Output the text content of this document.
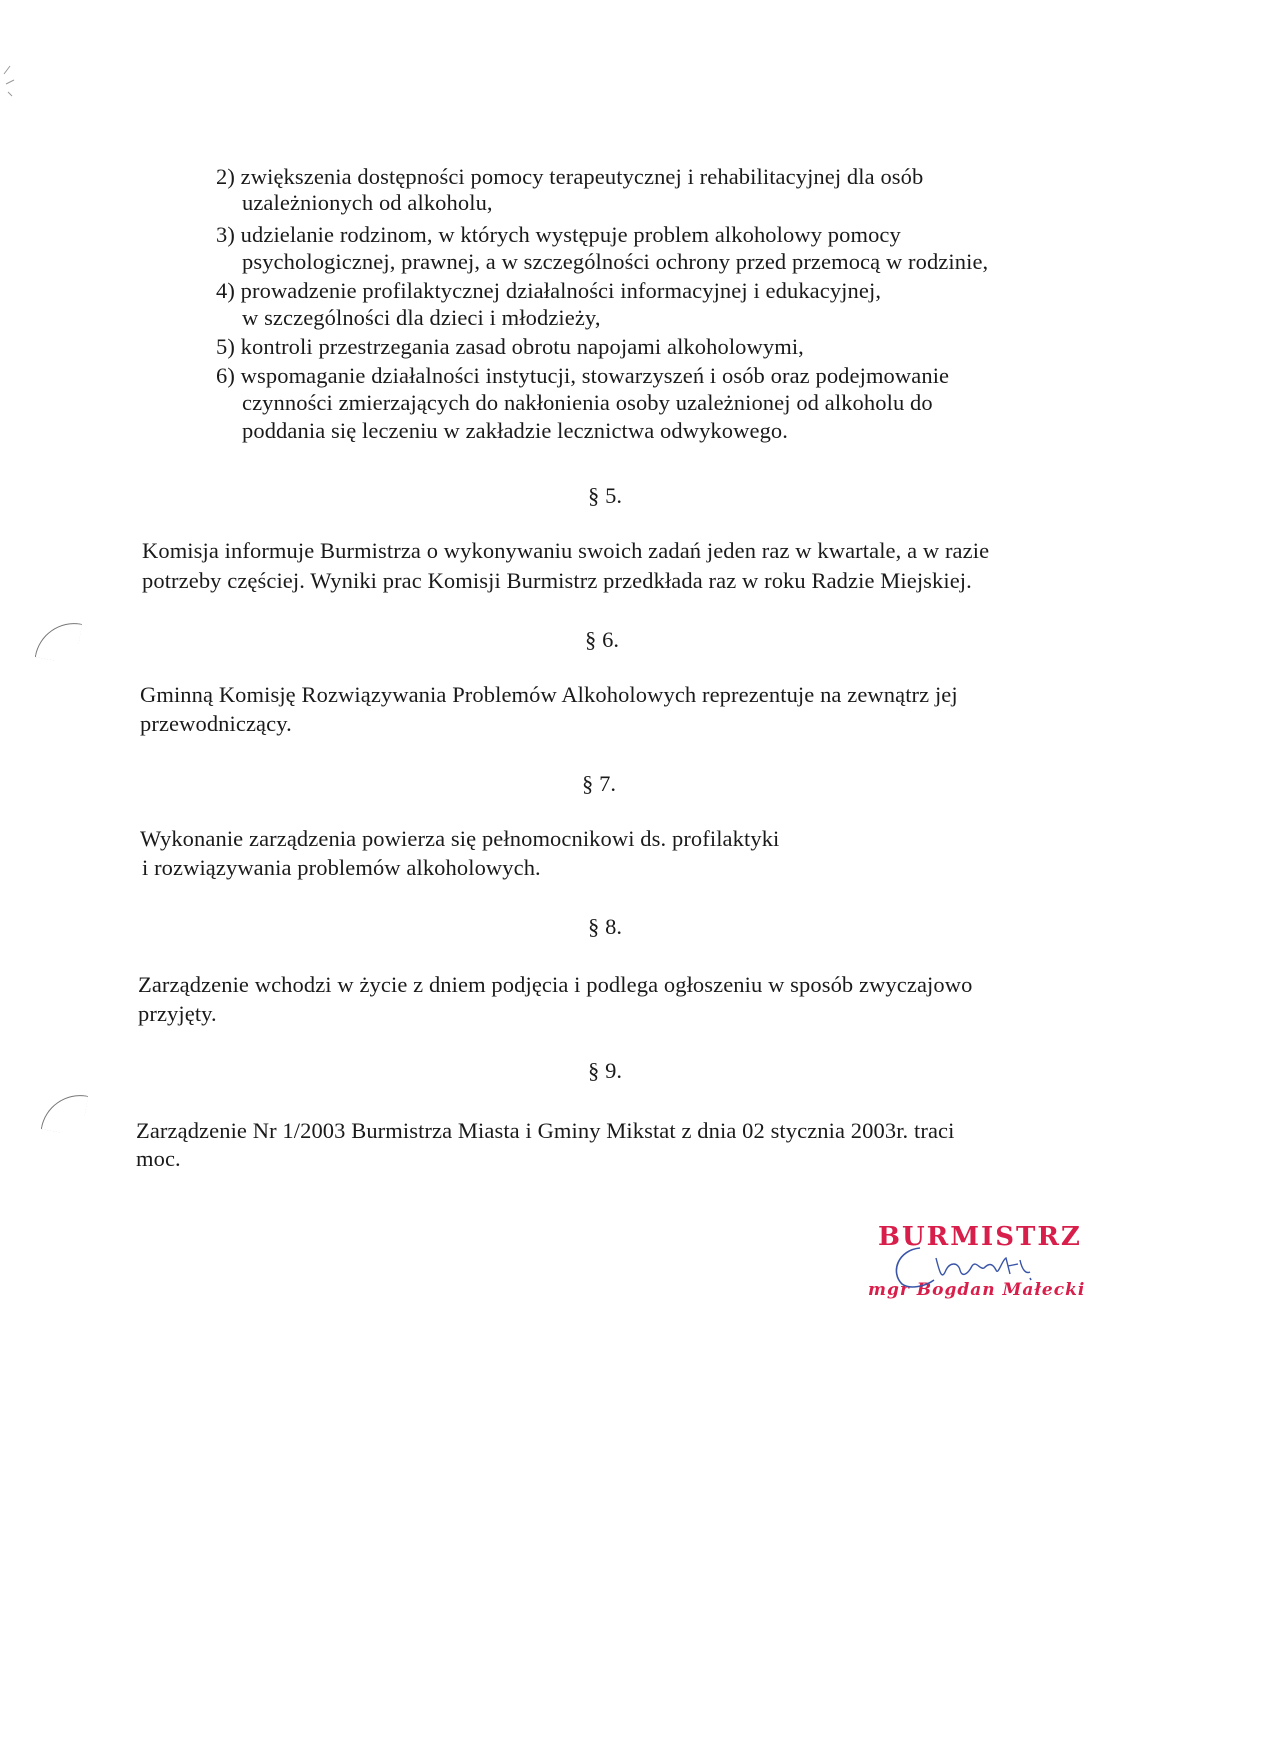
2) zwiększenia dostępności pomocy terapeutycznej i rehabilitacyjnej dla osób
uzależnionych od alkoholu,
3) udzielanie rodzinom, w których występuje problem alkoholowy pomocy
psychologicznej, prawnej, a w szczególności ochrony przed przemocą w rodzinie,
4) prowadzenie profilaktycznej działalności informacyjnej i edukacyjnej,
w szczególności dla dzieci i młodzieży,
5) kontroli przestrzegania zasad obrotu napojami alkoholowymi,
6) wspomaganie działalności instytucji, stowarzyszeń i osób oraz podejmowanie
czynności zmierzających do nakłonienia osoby uzależnionej od alkoholu do
poddania się leczeniu w zakładzie lecznictwa odwykowego.
§ 5.
Komisja informuje Burmistrza o wykonywaniu swoich zadań jeden raz w kwartale, a w razie
potrzeby częściej. Wyniki prac Komisji Burmistrz przedkłada raz w roku Radzie Miejskiej.
§ 6.
Gminną Komisję Rozwiązywania Problemów Alkoholowych reprezentuje na zewnątrz jej
przewodniczący.
§ 7.
Wykonanie zarządzenia powierza się pełnomocnikowi ds. profilaktyki
i rozwiązywania problemów alkoholowych.
§ 8.
Zarządzenie wchodzi w życie z dniem podjęcia i podlega ogłoszeniu w sposób zwyczajowo
przyjęty.
§ 9.
Zarządzenie Nr 1/2003 Burmistrza Miasta i Gminy Mikstat z dnia 02 stycznia 2003r. traci
moc.
BURMISTRZ
mgr Bogdan Małecki
